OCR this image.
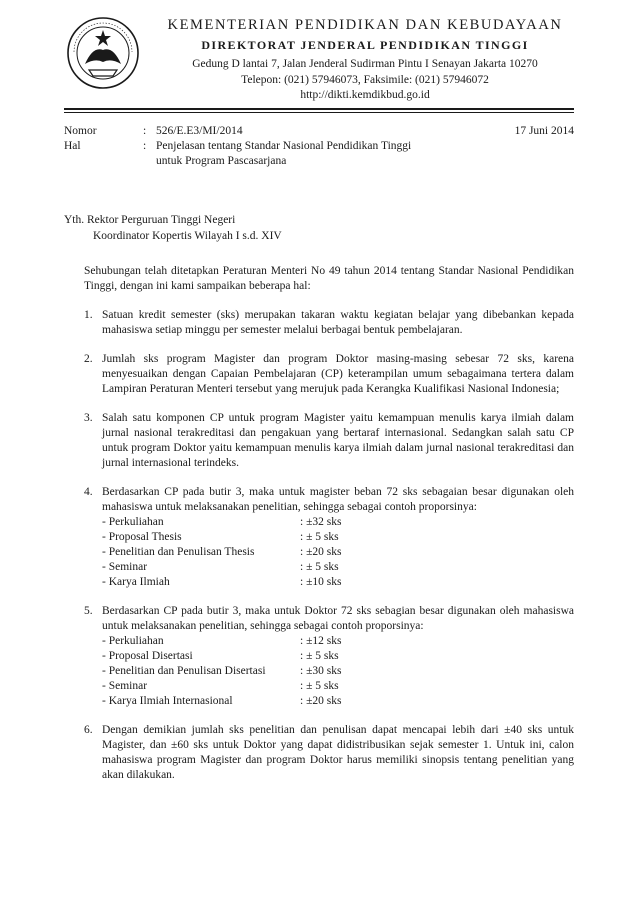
KEMENTERIAN PENDIDIKAN DAN KEBUDAYAAN

DIREKTORAT JENDERAL PENDIDIKAN TINGGI

Gedung D lantai 7, Jalan Jenderal Sudirman Pintu I Senayan Jakarta 10270

Telepon: (021) 57946073, Faksimile: (021) 57946072

http://dikti.kemdikbud.go.id

Nomor	: 526/E.E3/MI/2014	17 Juni 2014
Hal	: Penjelasan tentang Standar Nasional Pendidikan Tinggi
untuk Program Pascasarjana
Yth. Rektor Perguruan Tinggi Negeri
Koordinator Kopertis Wilayah I s.d. XIV

Sehubungan telah ditetapkan Peraturan Menteri No 49 tahun 2014 tentang Standar Nasional Pendidikan Tinggi, dengan ini kami sampaikan beberapa hal:

1. Satuan kredit semester (sks) merupakan takaran waktu kegiatan belajar yang dibebankan kepada mahasiswa setiap minggu per semester melalui berbagai bentuk pembelajaran.
2. Jumlah sks program Magister dan program Doktor masing-masing sebesar 72 sks, karena menyesuaikan dengan Capaian Pembelajaran (CP) keterampilan umum sebagaimana tertera dalam Lampiran Peraturan Menteri tersebut yang merujuk pada Kerangka Kualifikasi Nasional Indonesia;
3. Salah satu komponen CP untuk program Magister yaitu kemampuan menulis karya ilmiah dalam jurnal nasional terakreditasi dan pengakuan yang bertaraf internasional. Sedangkan salah satu CP untuk program Doktor yaitu kemampuan menulis karya ilmiah dalam jurnal nasional terakreditasi dan jurnal internasional terindeks.
4. Berdasarkan CP pada butir 3, maka untuk magister beban 72 sks sebagaian besar digunakan oleh mahasiswa untuk melaksanakan penelitian, sehingga sebagai contoh proporsinya:
- Perkuliahan	: ±32 sks
- Proposal Thesis	: ± 5 sks
- Penelitian dan Penulisan Thesis	: ±20 sks
- Seminar	: ± 5 sks
- Karya Ilmiah	: ±10 sks
5. Berdasarkan CP pada butir 3, maka untuk Doktor 72 sks sebagian besar digunakan oleh mahasiswa untuk melaksanakan penelitian, sehingga sebagai contoh proporsinya:
- Perkuliahan	: ±12 sks
- Proposal Disertasi	: ± 5 sks
- Penelitian dan Penulisan Disertasi	: ±30 sks
- Seminar	: ± 5 sks
- Karya Ilmiah Internasional	: ±20 sks
6. Dengan demikian jumlah sks penelitian dan penulisan dapat mencapai lebih dari ±40 sks untuk Magister, dan ±60 sks untuk Doktor yang dapat didistribusikan sejak semester 1. Untuk ini, calon mahasiswa program Magister dan program Doktor harus memiliki sinopsis tentang penelitian yang akan dilakukan.
